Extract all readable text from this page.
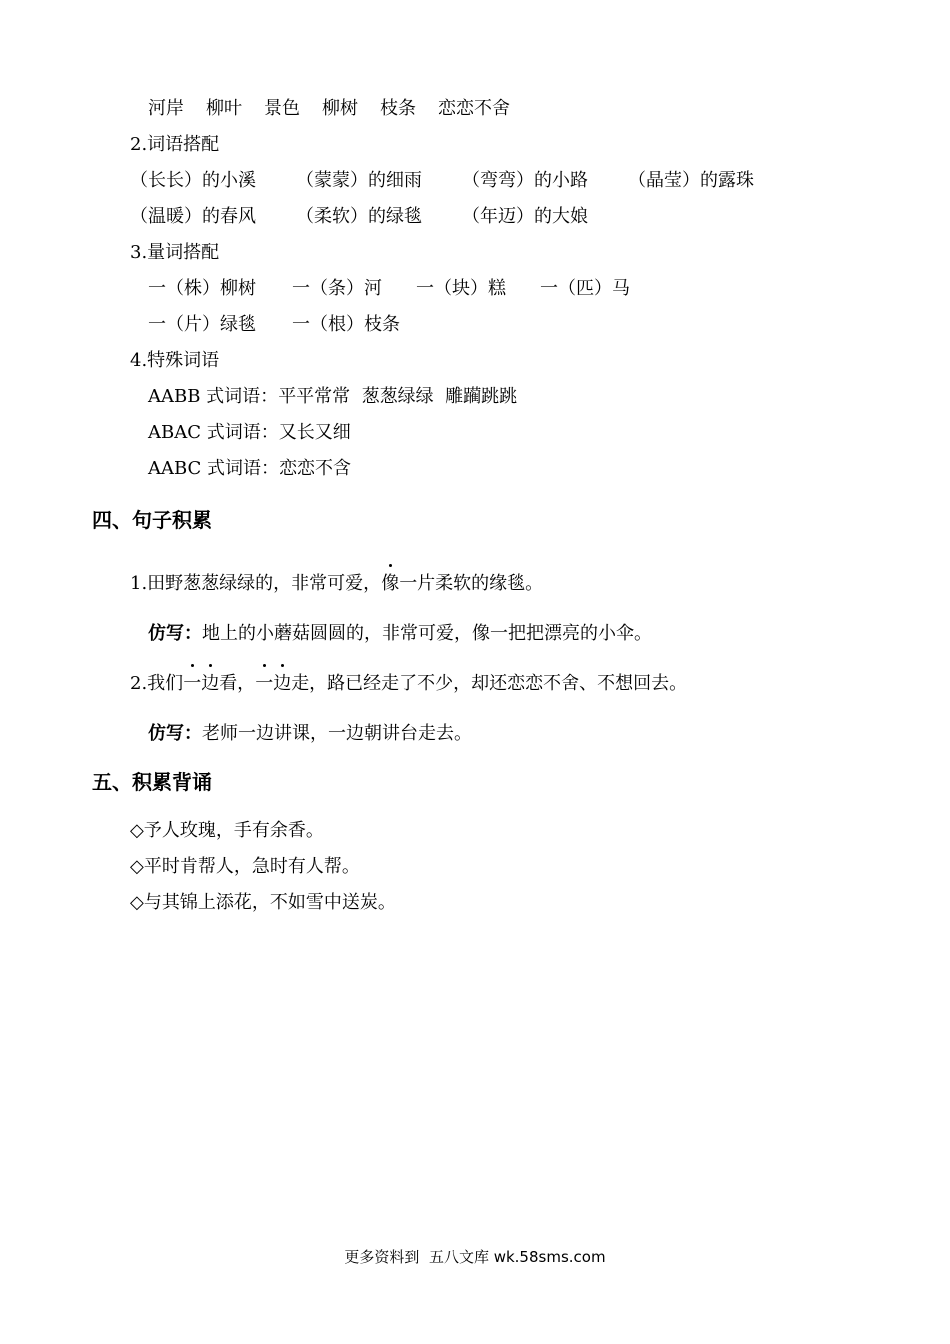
河岸 柳叶 景色 柳树 枝条 恋恋不舍
2.词语搭配
（长长）的小溪 （蒙蒙）的细雨 （弯弯）的小路 （晶莹）的露珠
（温暖）的春风 （柔软）的绿毯 （年迈）的大娘
3.量词搭配
一（株）柳树 一（条）河 一（块）糕 一（匹）马
一（片）绿毯 一（根）枝条
4.特殊词语
AABB 式词语：平平常常  葱葱绿绿  雕躏跳跳
ABAC 式词语：又长又细
AABC 式词语：恋恋不含
四、句子积累
1.田野葱葱绿绿的，非常可爱，像一片柔软的缘毯。
仿写：地上的小蘑菇圆圆的，非常可爱，像一把把漂亮的小伞。
2.我们一边看，一边走，路已经走了不少，却还恋恋不舍、不想回去。
仿写：老师一边讲课，一边朝讲台走去。
五、积累背诵
◇予人玫瑰，手有余香。
◇平时肯帮人，急时有人帮。
◇与其锦上添花，不如雪中送炭。
更多资料到  五八文库 wk.58sms.com
